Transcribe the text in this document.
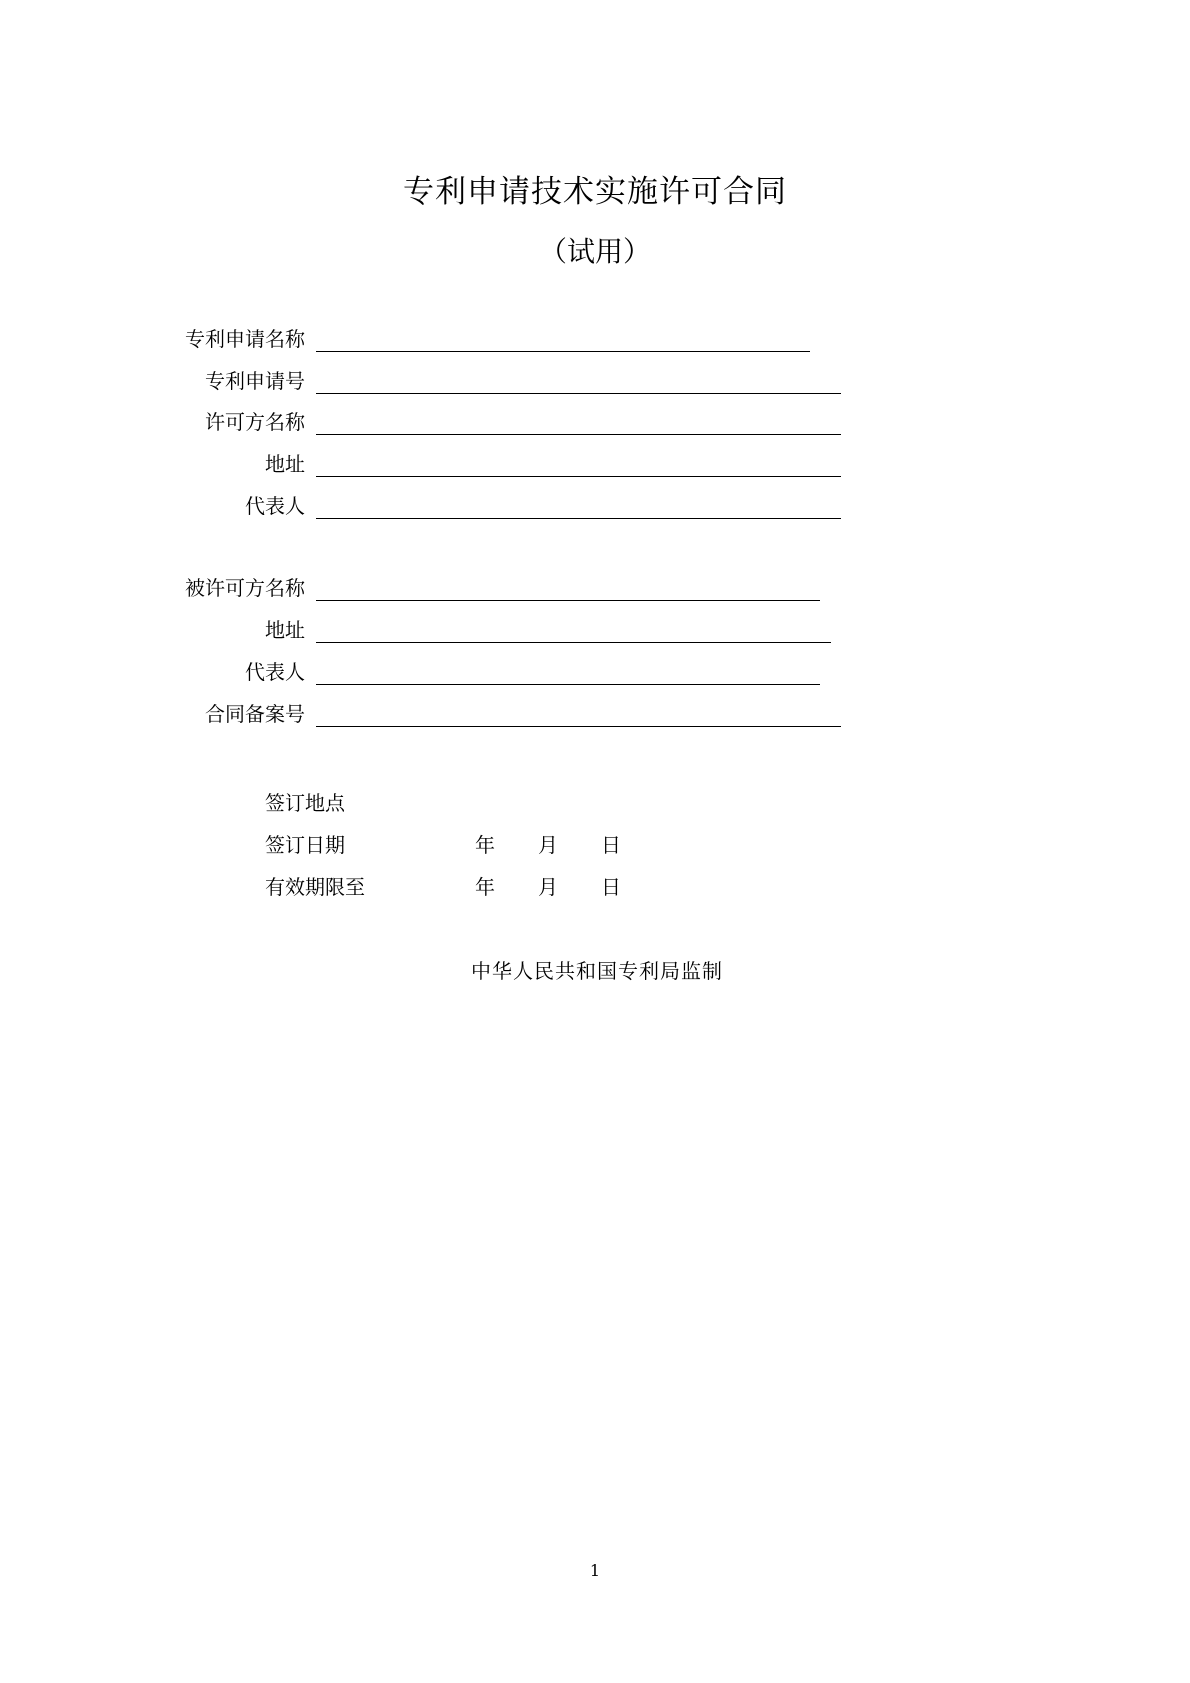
专利申请技术实施许可合同
（试用）
专利申请名称
专利申请号
许可方名称
地址
代表人
被许可方名称
地址
代表人
合同备案号
签订地点
签订日期	年 月 日
有效期限至	年 月 日
中华人民共和国专利局监制
1
